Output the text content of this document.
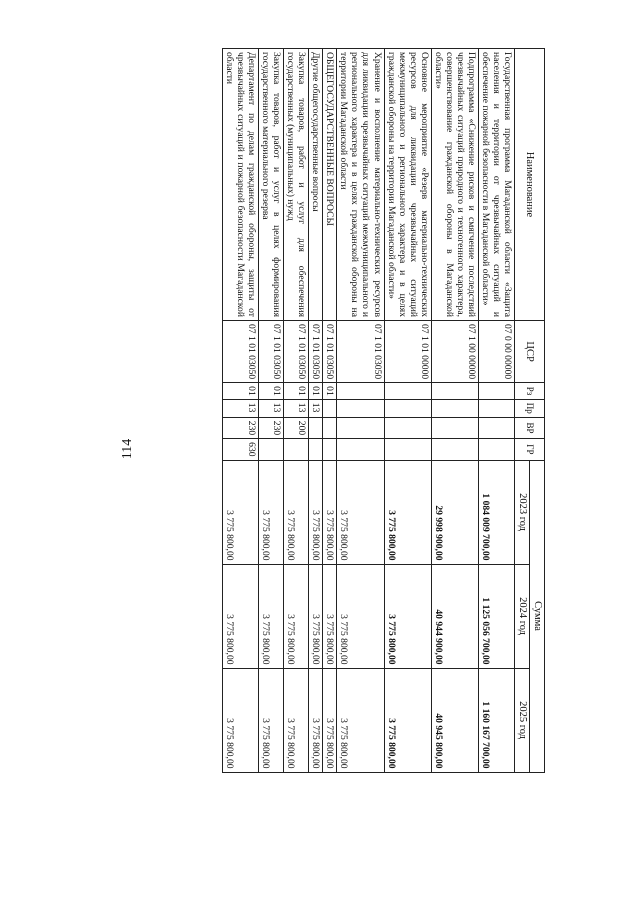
114
Наименование	ЦСР	Рз	Пр	ВР	ГР	Сумма		
						2023 год	2024 год	2025 год
Государственная программа Магаданской области «Защита населения и территории от чрезвычайных ситуаций и обеспечение пожарной безопасности в Магаданской области»	07 0 00 00000					1 084 009 700,00	1 125 056 700,00	1 160 167 700,00
Подпрограмма «Снижение рисков и смягчение последствий чрезвычайных ситуаций природного и техногенного характера, совершенствование гражданской обороны в Магаданской области»	07 1 00 00000					29 998 900,00	40 944 900,00	40 945 800,00
Основное мероприятие «Резерв материально-технических ресурсов для ликвидации чрезвычайных ситуаций межмуниципального и регионального характера и в целях гражданской обороны на территории Магаданской области»	07 1 01 00000					3 775 800,00	3 775 800,00	3 775 800,00
Хранение и восполнение материально-технических ресурсов для ликвидации чрезвычайных ситуаций межмуниципального и регионального характера и в целях гражданской обороны на территории Магаданской области	07 1 01 03050					3 775 800,00	3 775 800,00	3 775 800,00
ОБЩЕГОСУДАРСТВЕННЫЕ ВОПРОСЫ	07 1 01 03050	01				3 775 800,00	3 775 800,00	3 775 800,00
Другие общегосударственные вопросы	07 1 01 03050	01	13			3 775 800,00	3 775 800,00	3 775 800,00
Закупка товаров, работ и услуг для обеспечения государственных (муниципальных) нужд	07 1 01 03050	01	13	200		3 775 800,00	3 775 800,00	3 775 800,00
Закупка товаров, работ и услуг в целях формирования государственного материального резерва	07 1 01 03050	01	13	230		3 775 800,00	3 775 800,00	3 775 800,00
Департамент по делам гражданской обороны, защиты от чрезвычайных ситуаций и пожарной безопасности Магаданской области	07 1 01 03050	01	13	230	630	3 775 800,00	3 775 800,00	3 775 800,00
